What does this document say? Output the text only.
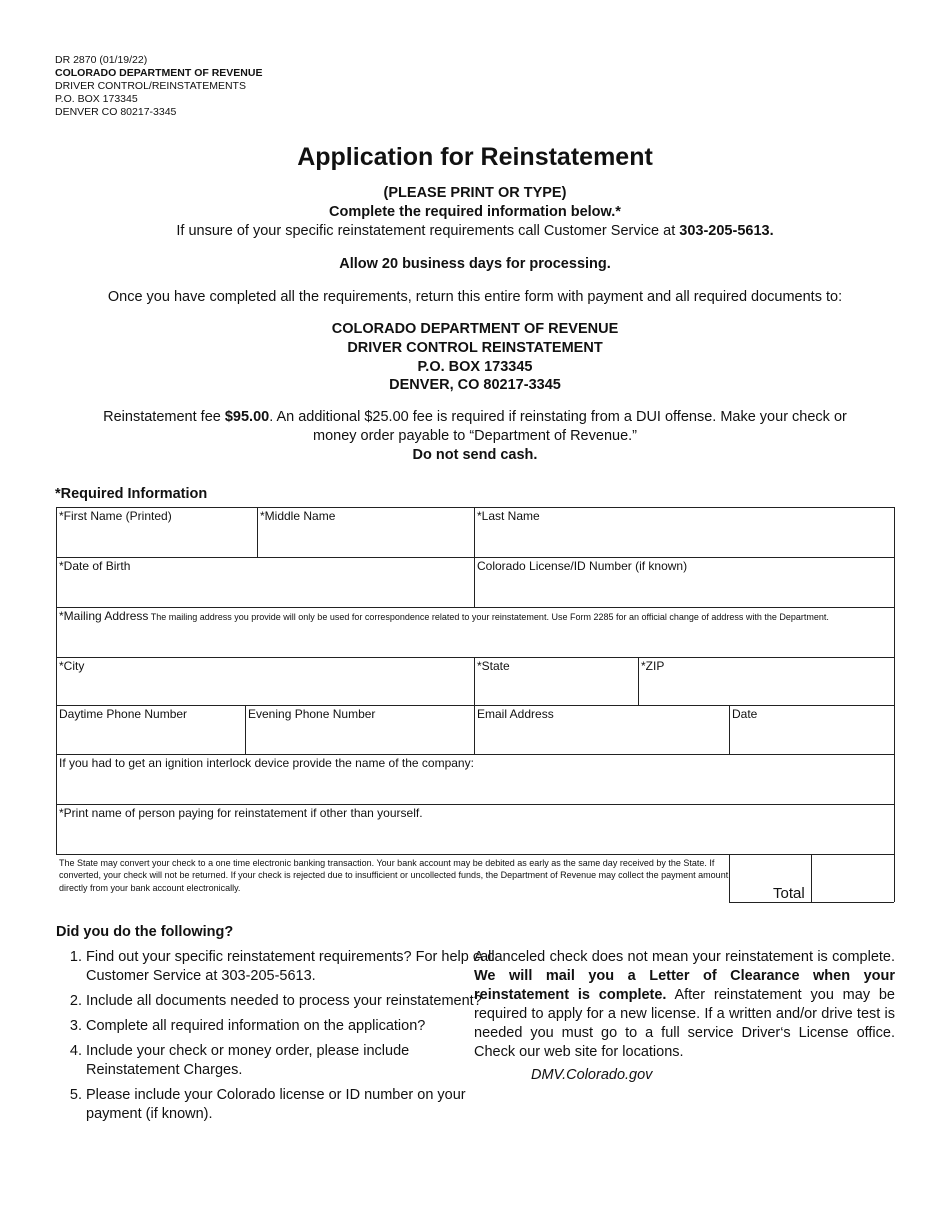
DR 2870 (01/19/22)
COLORADO DEPARTMENT OF REVENUE
DRIVER CONTROL/REINSTATEMENTS
P.O. BOX 173345
DENVER CO 80217-3345
Application for Reinstatement
(PLEASE PRINT OR TYPE)
Complete the required information below.*
If unsure of your specific reinstatement requirements call Customer Service at 303-205-5613.
Allow 20 business days for processing.
Once you have completed all the requirements, return this entire form with payment and all required documents to:
COLORADO DEPARTMENT OF REVENUE
DRIVER CONTROL REINSTATEMENT
P.O. BOX 173345
DENVER, CO 80217-3345
Reinstatement fee $95.00. An additional $25.00 fee is required if reinstating from a DUI offense. Make your check or
money order payable to “Department of Revenue.”
Do not send cash.
*Required Information
*First Name (Printed)	*Middle Name	*Last Name
*Date of Birth	Colorado License/ID Number (if known)
*Mailing Address The mailing address you provide will only be used for correspondence related to your reinstatement. Use Form 2285 for an official change of address with the Department.
*City	*State	*ZIP
Daytime Phone Number	Evening Phone Number	Email Address	Date
If you had to get an ignition interlock device provide the name of the company:
*Print name of person paying for reinstatement if other than yourself.
The State may convert your check to a one time electronic banking transaction. Your bank account may be debited as early as the same day received by the State. If converted, your check will not be returned. If your check is rejected due to insufficient or uncollected funds, the Department of Revenue may collect the payment amount directly from your bank account electronically.	Total
Did you do the following?
1. Find out your specific reinstatement requirements? For help call Customer Service at 303-205-5613.
2. Include all documents needed to process your reinstatement?
3. Complete all required information on the application?
4. Include your check or money order, please include Reinstatement Charges.
5. Please include your Colorado license or ID number on your payment (if known).
A canceled check does not mean your reinstatement is complete. We will mail you a Letter of Clearance when your reinstatement is complete. After reinstatement you may be required to apply for a new license. If a written and/or drive test is needed you must go to a full service Driver‘s License office. Check our web site for locations.
DMV.Colorado.gov
